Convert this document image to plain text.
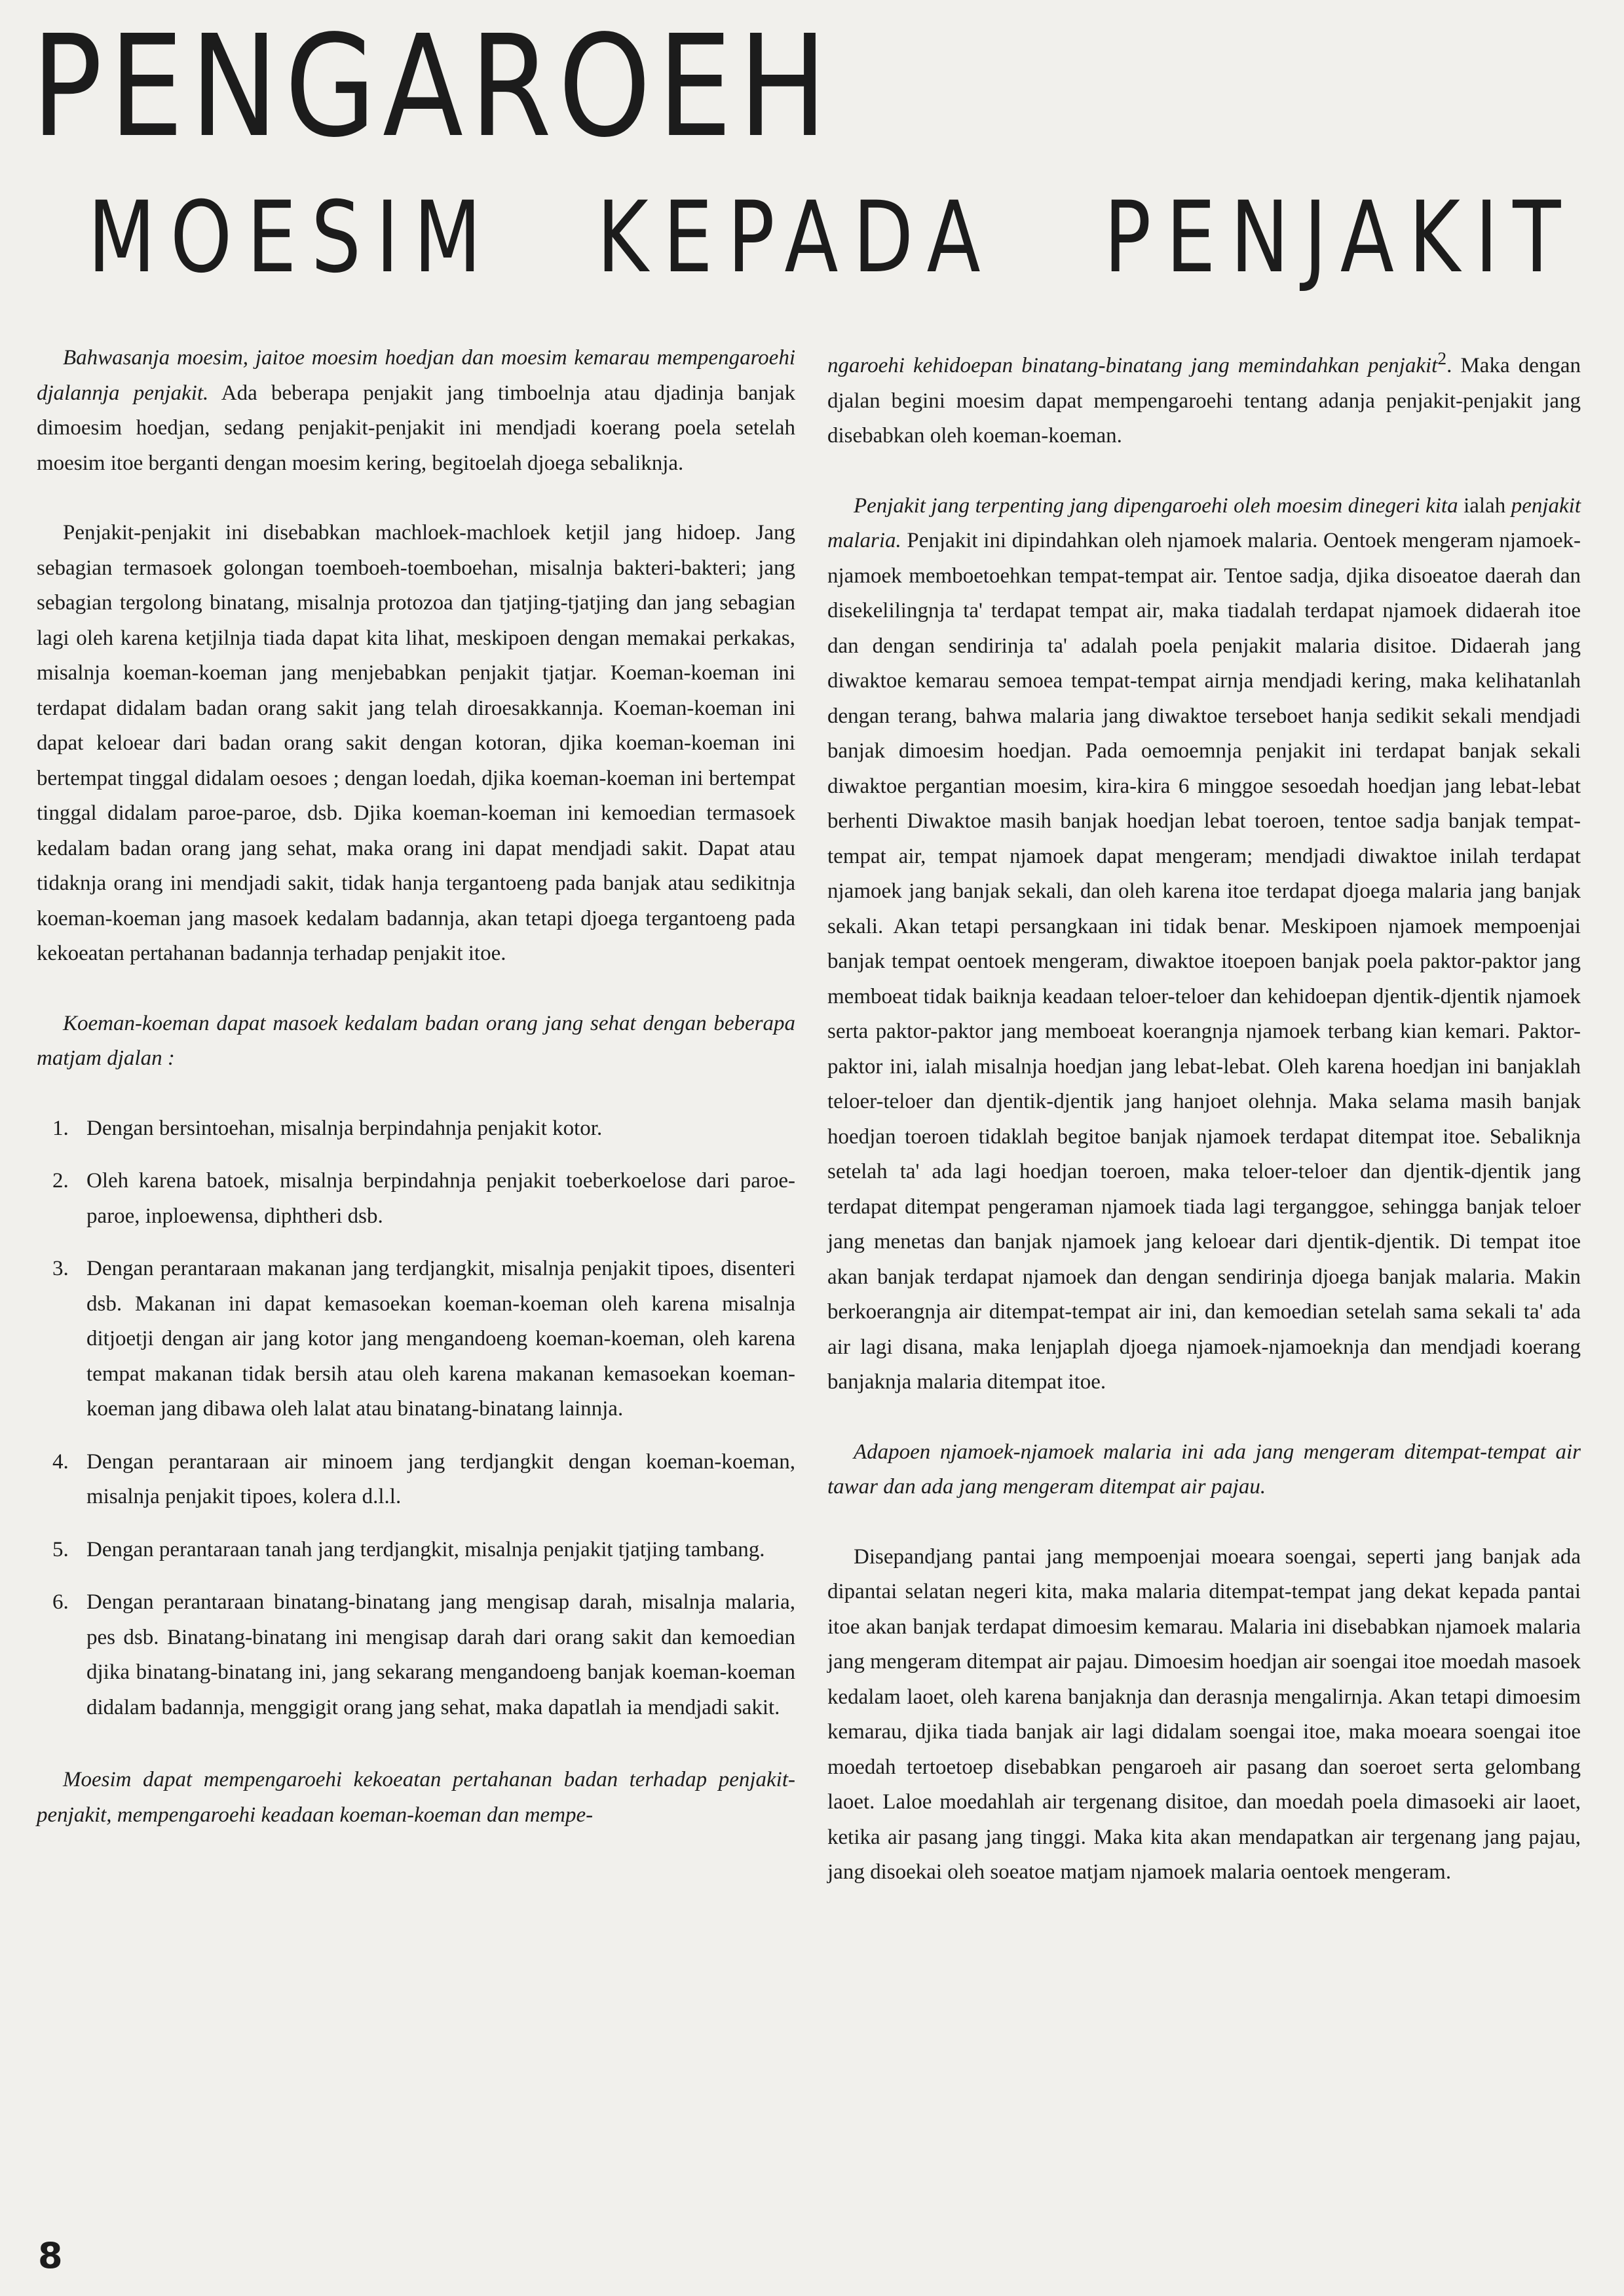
PENGAROEH
MOESIM KEPADA PENJAKIT

Bahwasanja moesim, jaitoe moesim hoedjan dan moesim kemarau mempengaroehi djalannja penjakit. Ada beberapa penjakit jang timboelnja atau djadinja banjak dimoesim hoedjan, sedang penjakit-penjakit ini mendjadi koerang poela setelah moesim itoe berganti dengan moesim kering, begitoelah djoega sebaliknja.

Penjakit-penjakit ini disebabkan machloek-machloek ketjil jang hidoep. Jang sebagian termasoek golongan toemboeh-toemboehan, misalnja bakteri-bakteri; jang sebagian tergolong binatang, misalnja protozoa dan tjatjing-tjatjing dan jang sebagian lagi oleh karena ketjilnja tiada dapat kita lihat, meskipoen dengan memakai perkakas, misalnja koeman-koeman jang menjebabkan penjakit tjatjar. Koeman-koeman ini terdapat didalam badan orang sakit jang telah diroesakkannja. Koeman-koeman ini dapat keloear dari badan orang sakit dengan kotoran, djika koeman-koeman ini bertempat tinggal didalam oesoes ; dengan loedah, djika koeman-koeman ini bertempat tinggal didalam paroe-paroe, dsb. Djika koeman-koeman ini kemoedian termasoek kedalam badan orang jang sehat, maka orang ini dapat mendjadi sakit. Dapat atau tidaknja orang ini mendjadi sakit, tidak hanja tergantoeng pada banjak atau sedikitnja koeman-koeman jang masoek kedalam badannja, akan tetapi djoega tergantoeng pada kekoeatan pertahanan badannja terhadap penjakit itoe.

Koeman-koeman dapat masoek kedalam badan orang jang sehat dengan beberapa matjam djalan :

1. Dengan bersintoehan, misalnja berpindahnja penjakit kotor.
2. Oleh karena batoek, misalnja berpindahnja penjakit toeberkoelose dari paroe-paroe, inploewensa, diphtheri dsb.
3. Dengan perantaraan makanan jang terdjangkit, misalnja penjakit tipoes, disenteri dsb. Makanan ini dapat kemasoekan koeman-koeman oleh karena misalnja ditjoetji dengan air jang kotor jang mengandoeng koeman-koeman, oleh karena tempat makanan tidak bersih atau oleh karena makanan kemasoekan koeman-koeman jang dibawa oleh lalat atau binatang-binatang lainnja.
4. Dengan perantaraan air minoem jang terdjangkit dengan koeman-koeman, misalnja penjakit tipoes, kolera d.l.l.
5. Dengan perantaraan tanah jang terdjangkit, misalnja penjakit tjatjing tambang.
6. Dengan perantaraan binatang-binatang jang mengisap darah, misalnja malaria, pes dsb. Binatang-binatang ini mengisap darah dari orang sakit dan kemoedian djika binatang-binatang ini, jang sekarang mengandoeng banjak koeman-koeman didalam badannja, menggigit orang jang sehat, maka dapatlah ia mendjadi sakit.

Moesim dapat mempengaroehi kekoeatan pertahanan badan terhadap penjakit-penjakit, mempengaroehi keadaan koeman-koeman dan mempe-

ngaroehi kehidoepan binatang-binatang jang memindahkan penjakit$^2$. Maka dengan djalan begini moesim dapat mempengaroehi tentang adanja penjakit-penjakit jang disebabkan oleh koeman-koeman.

Penjakit jang terpenting jang dipengaroehi oleh moesim dinegeri kita ialah penjakit malaria. Penjakit ini dipindahkan oleh njamoek malaria. Oentoek mengeram njamoek-njamoek memboetoehkan tempat-tempat air. Tentoe sadja, djika disoeatoe daerah dan disekelilingnja ta' terdapat tempat air, maka tiadalah terdapat njamoek didaerah itoe dan dengan sendirinja ta' adalah poela penjakit malaria disitoe. Didaerah jang diwaktoe kemarau semoea tempat-tempat airnja mendjadi kering, maka kelihatanlah dengan terang, bahwa malaria jang diwaktoe terseboet hanja sedikit sekali mendjadi banjak dimoesim hoedjan. Pada oemoemnja penjakit ini terdapat banjak sekali diwaktoe pergantian moesim, kira-kira 6 minggoe sesoedah hoedjan jang lebat-lebat berhenti Diwaktoe masih banjak hoedjan lebat toeroen, tentoe sadja banjak tempat-tempat air, tempat njamoek dapat mengeram; mendjadi diwaktoe inilah terdapat njamoek jang banjak sekali, dan oleh karena itoe terdapat djoega malaria jang banjak sekali. Akan tetapi persangkaan ini tidak benar. Meskipoen njamoek mempoenjai banjak tempat oentoek mengeram, diwaktoe itoepoen banjak poela paktor-paktor jang memboeat tidak baiknja keadaan teloer-teloer dan kehidoepan djentik-djentik njamoek serta paktor-paktor jang memboeat koerangnja njamoek terbang kian kemari. Paktor-paktor ini, ialah misalnja hoedjan jang lebat-lebat. Oleh karena hoedjan ini banjaklah teloer-teloer dan djentik-djentik jang hanjoet olehnja. Maka selama masih banjak hoedjan toeroen tidaklah begitoe banjak njamoek terdapat ditempat itoe. Sebaliknja setelah ta' ada lagi hoedjan toeroen, maka teloer-teloer dan djentik-djentik jang terdapat ditempat pengeraman njamoek tiada lagi terganggoe, sehingga banjak teloer jang menetas dan banjak njamoek jang keloear dari djentik-djentik. Di tempat itoe akan banjak terdapat njamoek dan dengan sendirinja djoega banjak malaria. Makin berkoerangnja air ditempat-tempat air ini, dan kemoedian setelah sama sekali ta' ada air lagi disana, maka lenjaplah djoega njamoek-njamoeknja dan mendjadi koerang banjaknja malaria ditempat itoe.

Adapoen njamoek-njamoek malaria ini ada jang mengeram ditempat-tempat air tawar dan ada jang mengeram ditempat air pajau.

Disepandjang pantai jang mempoenjai moeara soengai, seperti jang banjak ada dipantai selatan negeri kita, maka malaria ditempat-tempat jang dekat kepada pantai itoe akan banjak terdapat dimoesim kemarau. Malaria ini disebabkan njamoek malaria jang mengeram ditempat air pajau. Dimoesim hoedjan air soengai itoe moedah masoek kedalam laoet, oleh karena banjaknja dan derasnja mengalirnja. Akan tetapi dimoesim kemarau, djika tiada banjak air lagi didalam soengai itoe, maka moeara soengai itoe moedah tertoetoep disebabkan pengaroeh air pasang dan soeroet serta gelombang laoet. Laloe moedahlah air tergenang disitoe, dan moedah poela dimasoeki air laoet, ketika air pasang jang tinggi. Maka kita akan mendapatkan air tergenang jang pajau, jang disoekai oleh soeatoe matjam njamoek malaria oentoek mengeram.

8
